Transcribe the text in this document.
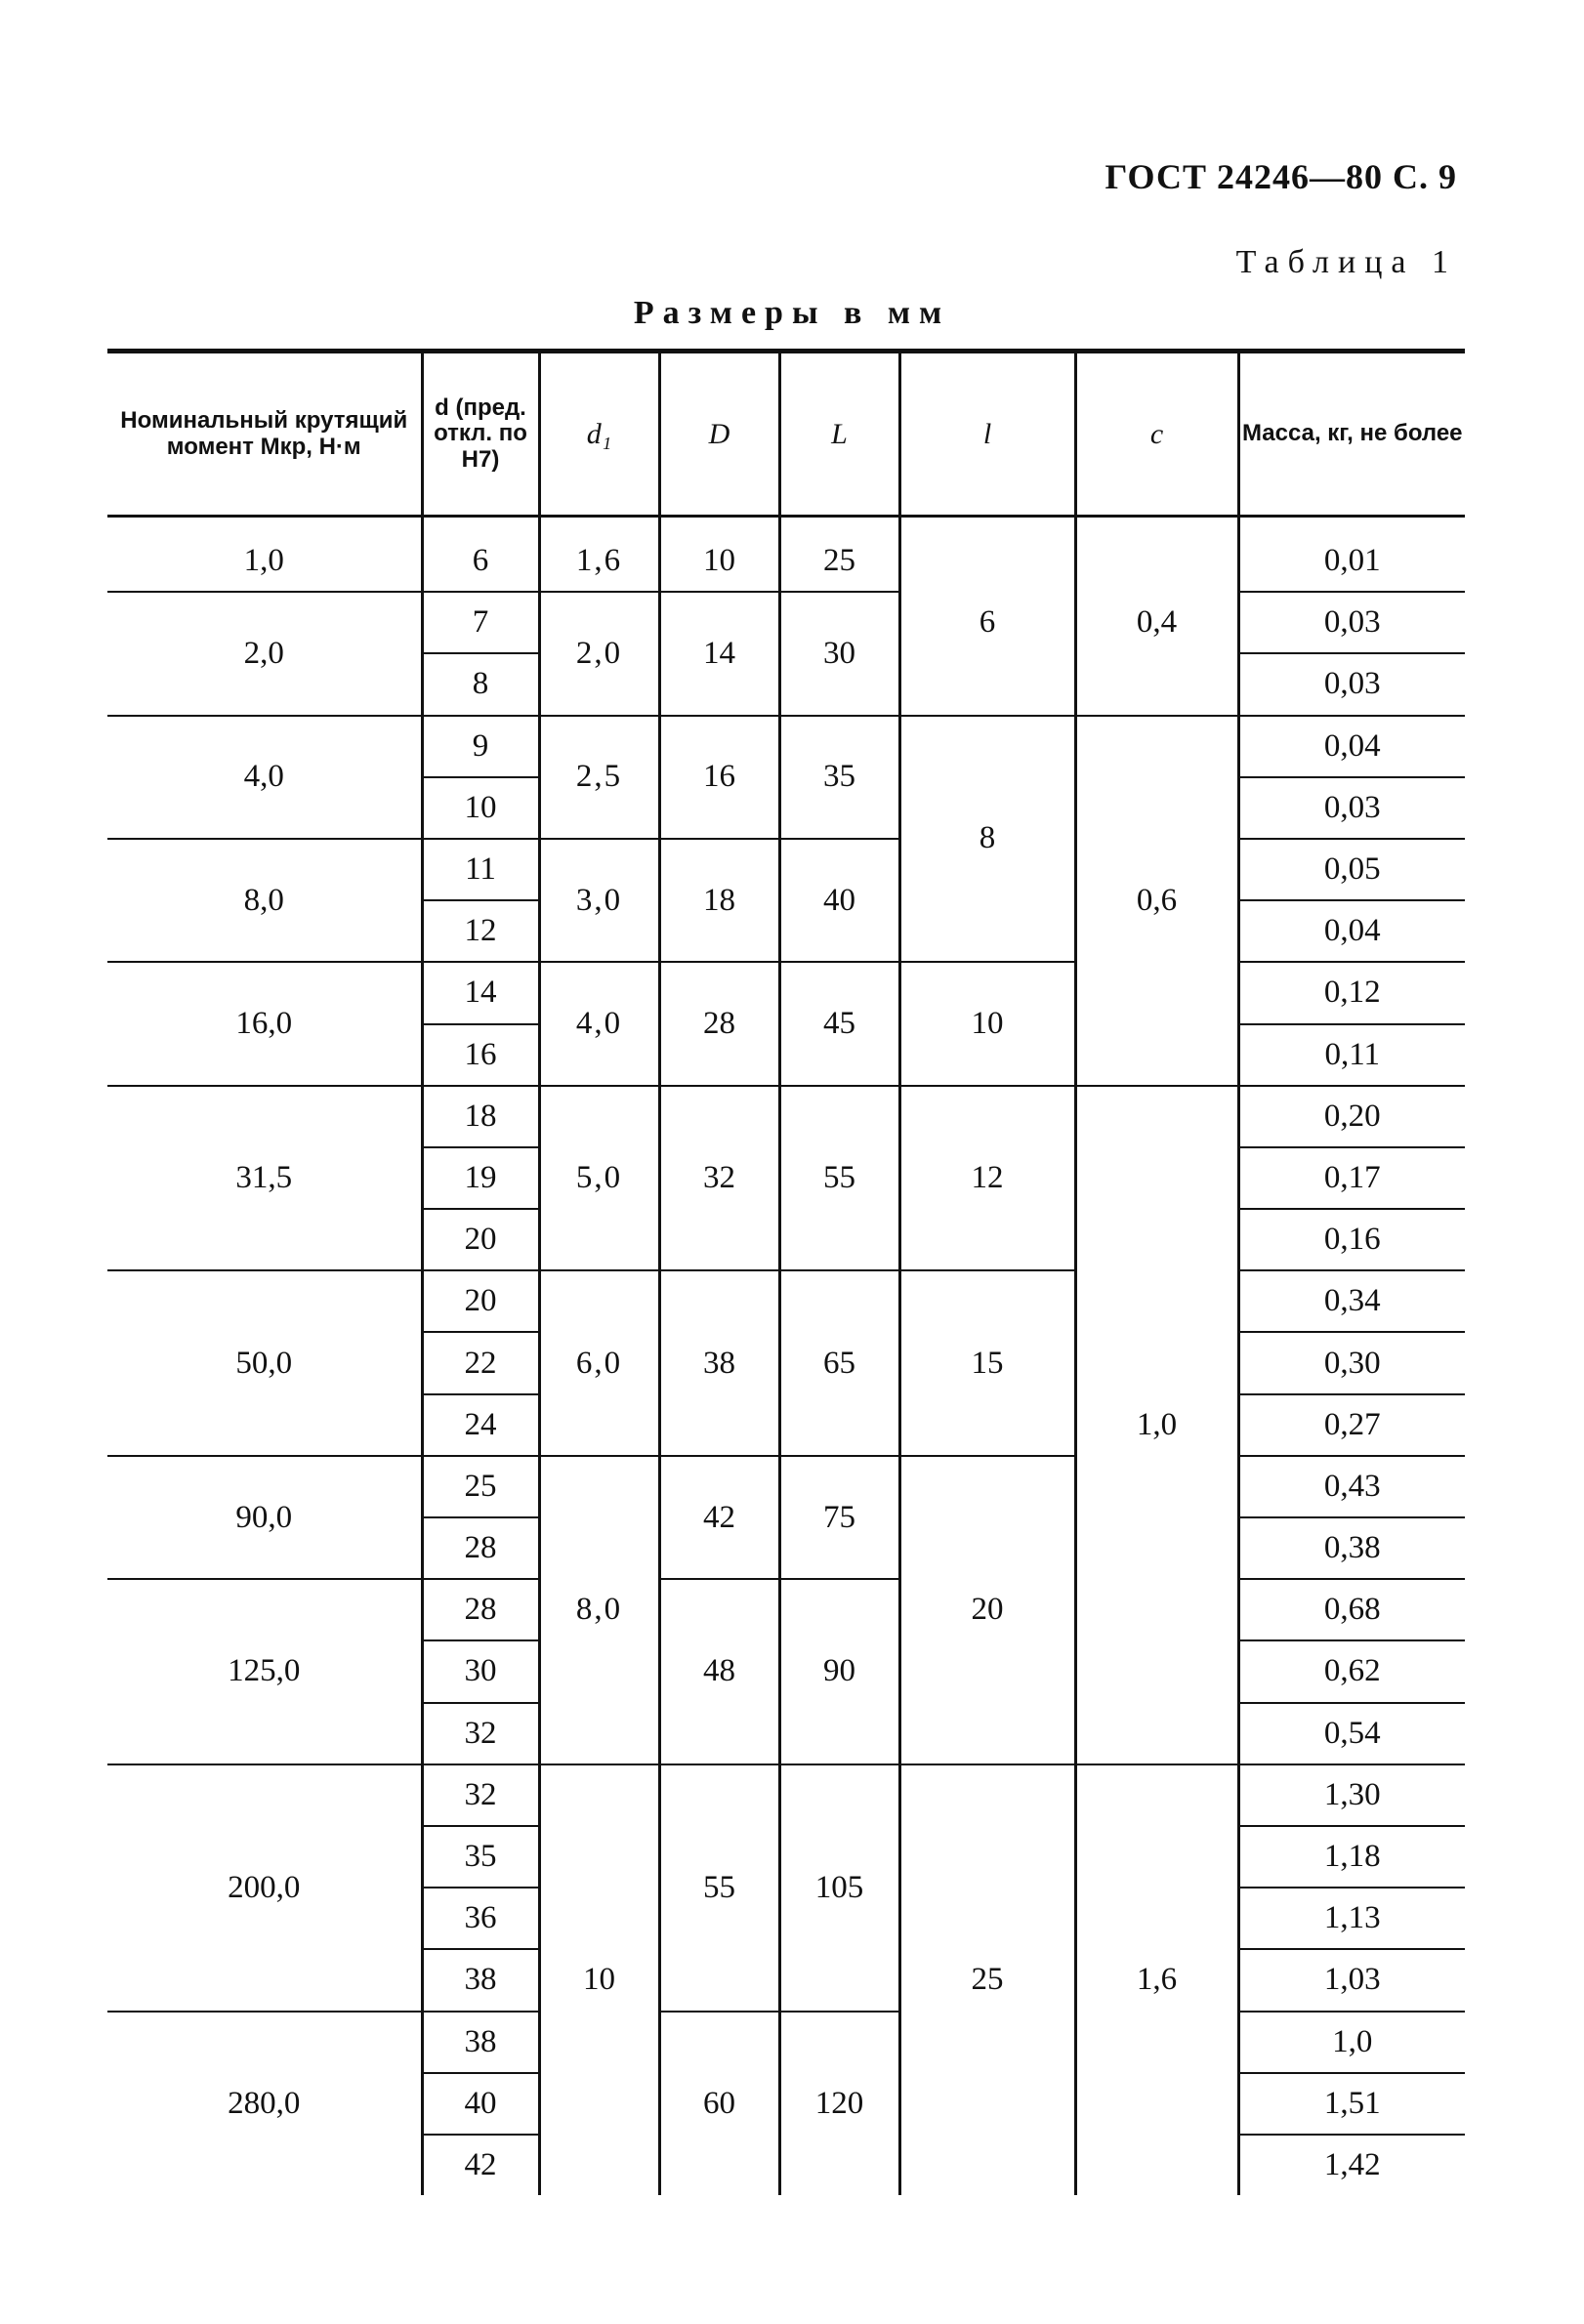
ГОСТ 24246—80 С. 9
Таблица 1
Размеры в мм
Номинальный крутящий момент Mкр, Н·м	d (пред. откл. по Н7)	d₁	D	L	l	c	Масса, кг, не более

1,0	6	1,6	10	25	6	0,4	0,01
2,0	7	2,0	14	30			0,03
	8						0,03
4,0	9	2,5	16	35	8	0,6	0,04
	10						0,03
8,0	11	3,0	18	40			0,05
	12						0,04
16,0	14	4,0	28	45	10		0,12
	16						0,11
31,5	18	5,0	32	55	12	1,0	0,20
	19						0,17
	20						0,16
50,0	20	6,0	38	65	15		0,34
	22						0,30
	24						0,27
90,0	25	8,0	42	75	20		0,43
	28						0,38
125,0	28		48	90			0,68
	30						0,62
	32						0,54
200,0	32	10	55	105	25	1,6	1,30
	35						1,18
	36						1,13
	38						1,03
280,0	38		60	120			1,0
	40						1,51
	42						1,42
